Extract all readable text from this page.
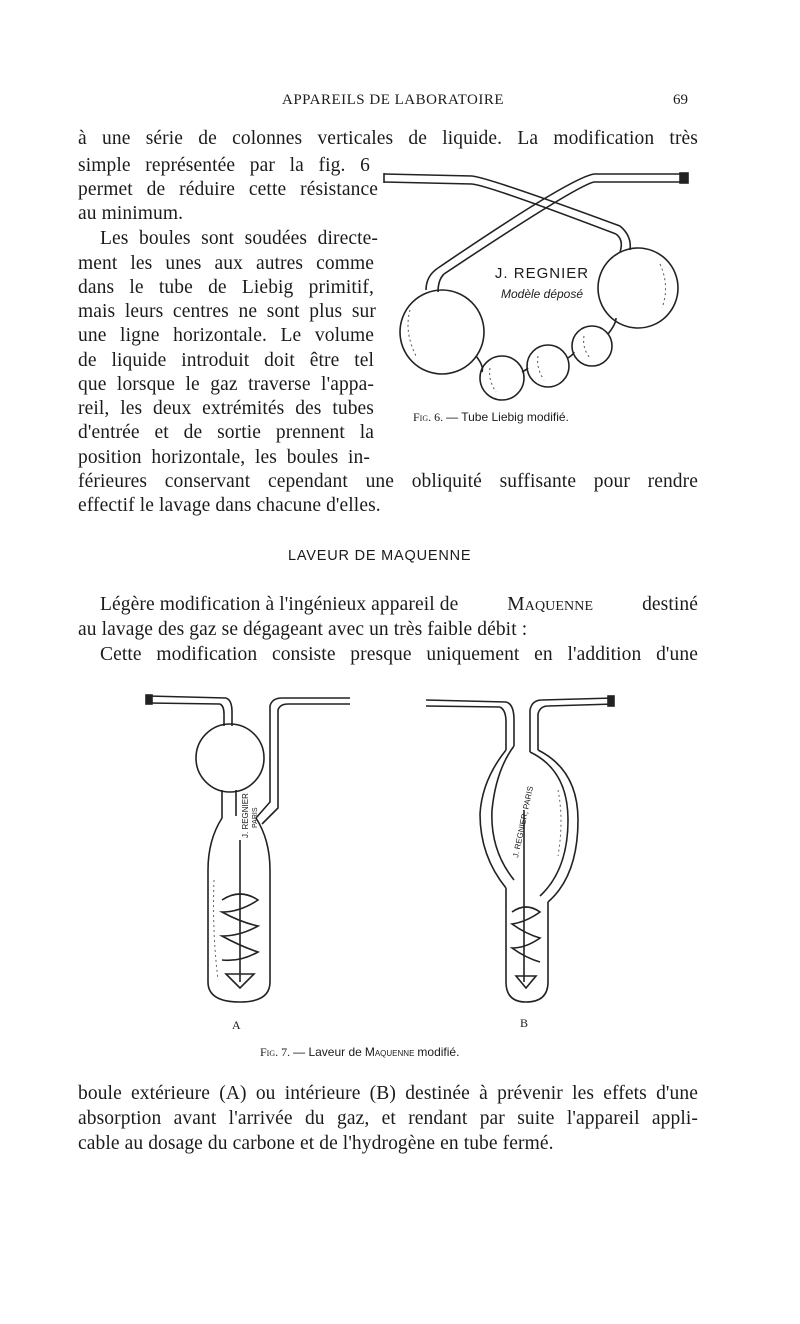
APPAREILS DE LABORATOIRE	69
à une série de colonnes verticales de liquide. La modification très
simple représentée par la fig. 6
permet de réduire cette résistance
au minimum.
Les boules sont soudées directe-
ment les unes aux autres comme
dans le tube de Liebig primitif,
mais leurs centres ne sont plus sur
une ligne horizontale. Le volume
de liquide introduit doit être tel
que lorsque le gaz traverse l'appa-
reil, les deux extrémités des tubes
d'entrée et de sortie prennent la
position horizontale, les boules in-
férieures conservant cependant une obliquité suffisante pour rendre
effectif le lavage dans chacune d'elles.
J. REGNIER
Modèle déposé
Fig. 6. — Tube Liebig modifié.
LAVEUR DE MAQUENNE
Légère modification à l'ingénieux appareil de	Maquenne	destiné
au lavage des gaz se dégageant avec un très faible débit :
Cette modification consiste presque uniquement en l'addition d'une
J. REGNIER PARIS	J. REGNIER, PARIS
A	B
Fig. 7. — Laveur de Maquenne modifié.
boule extérieure (A) ou intérieure (B) destinée à prévenir les effets d'une
absorption avant l'arrivée du gaz, et rendant par suite l'appareil appli-
cable au dosage du carbone et de l'hydrogène en tube fermé.
